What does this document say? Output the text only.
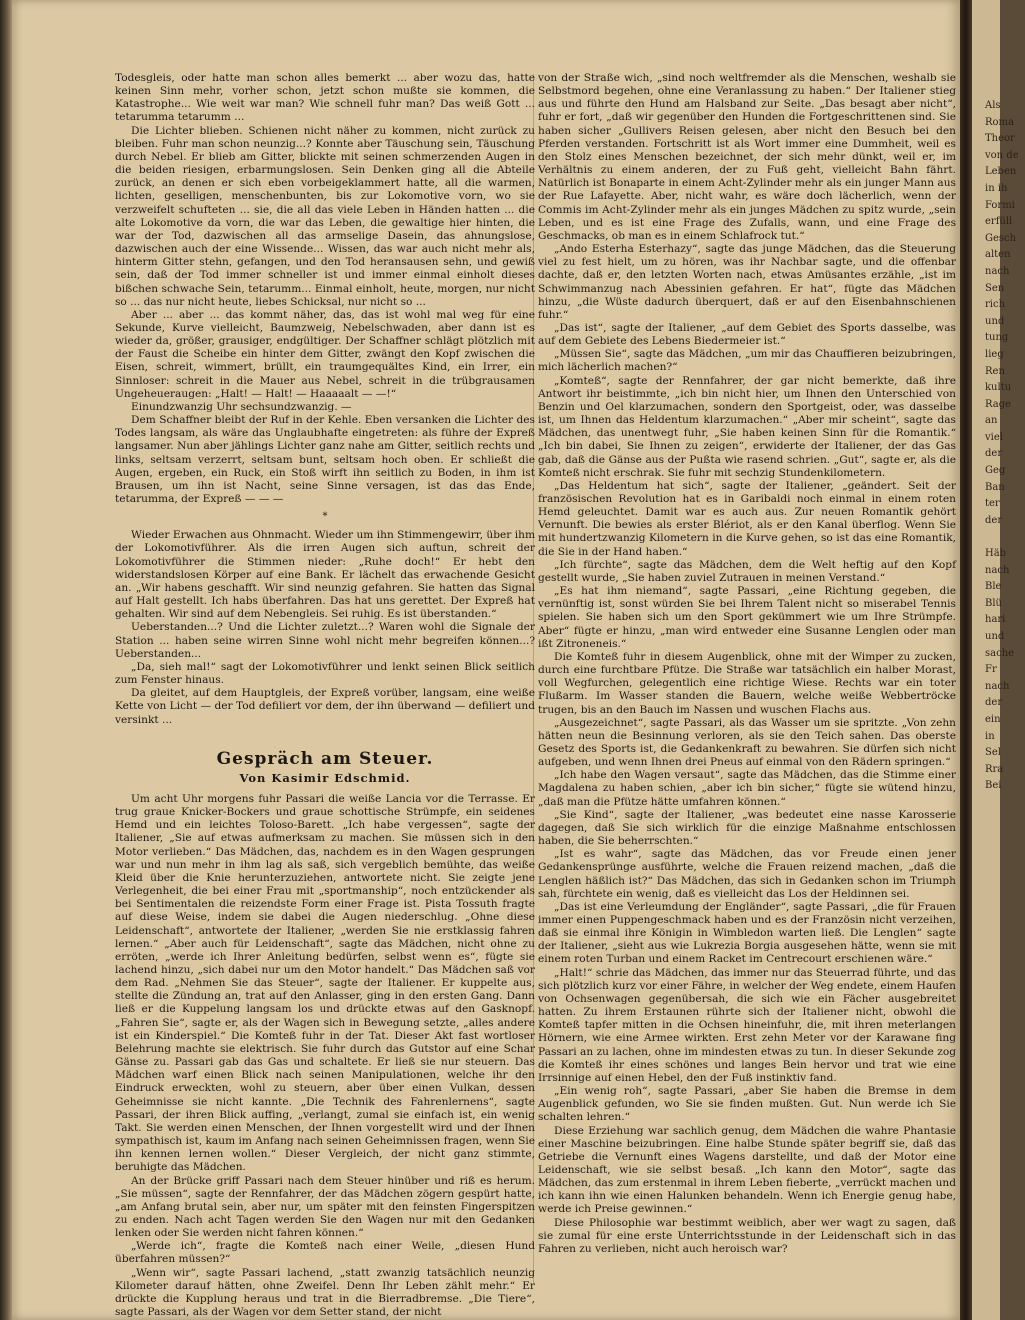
Todesgleis, oder hatte man schon alles bemerkt ... aber wozu das, hatte keinen Sinn mehr, vorher schon, jetzt schon mußte sie kommen, die Katastrophe... Wie weit war man? Wie schnell fuhr man? Das weiß Gott ... tetarumma tetarumm ...

Die Lichter blieben. Schienen nicht näher zu kommen, nicht zurück zu bleiben. Fuhr man schon neunzig...? Konnte aber Täuschung sein, Täuschung durch Nebel. Er blieb am Gitter, blickte mit seinen schmerzenden Augen in die beiden riesigen, erbarmungslosen. Sein Denken ging all die Abteile zurück, an denen er sich eben vorbeigeklammert hatte, all die warmen, lichten, geselligen, menschenbunten, bis zur Lokomotive vorn, wo sie verzweifelt schufteten ... sie, die all das viele Leben in Händen hatten ... die alte Lokomotive da vorn, die war das Leben, die gewaltige hier hinten, die war der Tod, dazwischen all das armselige Dasein, das ahnungslose, dazwischen auch der eine Wissende... Wissen, das war auch nicht mehr als, hinterm Gitter stehn, gefangen, und den Tod heransausen sehn, und gewiß sein, daß der Tod immer schneller ist und immer einmal einholt dieses bißchen schwache Sein, tetarumm... Einmal einholt, heute, morgen, nur nicht so ... das nur nicht heute, liebes Schicksal, nur nicht so ...

Aber ... aber ... das kommt näher, das, das ist wohl mal weg für eine Sekunde, Kurve vielleicht, Baumzweig, Nebelschwaden, aber dann ist es wieder da, größer, grausiger, endgültiger. Der Schaffner schlägt plötzlich mit der Faust die Scheibe ein hinter dem Gitter, zwängt den Kopf zwischen die Eisen, schreit, wimmert, brüllt, ein traumgequältes Kind, ein Irrer, ein Sinnloser: schreit in die Mauer aus Nebel, schreit in die trübgrausamen Ungeheueraugen: „Halt! — Halt! — Haaaaalt — —!“

Einundzwanzig Uhr sechsundzwanzig. —

Dem Schaffner bleibt der Ruf in der Kehle. Eben versanken die Lichter des Todes langsam, als wäre das Unglaubhafte eingetreten: als führe der Expreß langsamer. Nun aber jählings Lichter ganz nahe am Gitter, seitlich rechts und links, seltsam verzerrt, seltsam bunt, seltsam hoch oben. Er schließt die Augen, ergeben, ein Ruck, ein Stoß wirft ihn seitlich zu Boden, in ihm ist Brausen, um ihn ist Nacht, seine Sinne versagen, ist das das Ende, tetarumma, der Expreß — — —

*

Wieder Erwachen aus Ohnmacht. Wieder um ihn Stimmengewirr, über ihm der Lokomotivführer. Als die irren Augen sich auftun, schreit der Lokomotivführer die Stimmen nieder: „Ruhe doch!“ Er hebt den widerstandslosen Körper auf eine Bank. Er lächelt das erwachende Gesicht an. „Wir habens geschafft. Wir sind neunzig gefahren. Sie hatten das Signal auf Halt gestellt. Ich habs überfahren. Das hat uns gerettet. Der Expreß hat gehalten. Wir sind auf dem Nebengleis. Sei ruhig. Es ist überstanden.“

Ueberstanden...? Und die Lichter zuletzt...? Waren wohl die Signale der Station ... haben seine wirren Sinne wohl nicht mehr begreifen können...? Ueberstanden...

„Da, sieh mal!“ sagt der Lokomotivführer und lenkt seinen Blick seitlich zum Fenster hinaus.

Da gleitet, auf dem Hauptgleis, der Expreß vorüber, langsam, eine weiße Kette von Licht — der Tod defiliert vor dem, der ihn überwand — defiliert und versinkt ...

Gespräch am Steuer.
Von Kasimir Edschmid.

Um acht Uhr morgens fuhr Passari die weiße Lancia vor die Terrasse. Er trug graue Knicker-Bockers und graue schottische Strümpfe, ein seidenes Hemd und ein leichtes Toloso-Barett. „Ich habe vergessen“, sagte der Italiener, „Sie auf etwas aufmerksam zu machen. Sie müssen sich in den Motor verlieben.“ Das Mädchen, das, nachdem es in den Wagen gesprungen war und nun mehr in ihm lag als saß, sich vergeblich bemühte, das weiße Kleid über die Knie herunterzuziehen, antwortete nicht. Sie zeigte jene Verlegenheit, die bei einer Frau mit „sportmanship“, noch entzückender als bei Sentimentalen die reizendste Form einer Frage ist. Pista Tossuth fragte auf diese Weise, indem sie dabei die Augen niederschlug. „Ohne diese Leidenschaft“, antwortete der Italiener, „werden Sie nie erstklassig fahren lernen.“ „Aber auch für Leidenschaft“, sagte das Mädchen, nicht ohne zu erröten, „werde ich Ihrer Anleitung bedürfen, selbst wenn es“, fügte sie lachend hinzu, „sich dabei nur um den Motor handelt.“ Das Mädchen saß vor dem Rad. „Nehmen Sie das Steuer“, sagte der Italiener. Er kuppelte aus, stellte die Zündung an, trat auf den Anlasser, ging in den ersten Gang. Dann ließ er die Kuppelung langsam los und drückte etwas auf den Gasknopf. „Fahren Sie“, sagte er, als der Wagen sich in Bewegung setzte, „alles andere ist ein Kinderspiel.“ Die Komteß fuhr in der Tat. Dieser Akt fast wortloser Belehrung machte sie elektrisch. Sie fuhr durch das Gutstor auf eine Schar Gänse zu. Passari gab das Gas und schaltete. Er ließ sie nur steuern. Das Mädchen warf einen Blick nach seinen Manipulationen, welche ihr den Eindruck erweckten, wohl zu steuern, aber über einen Vulkan, dessen Geheimnisse sie nicht kannte. „Die Technik des Fahrenlernens“, sagte Passari, der ihren Blick auffing, „verlangt, zumal sie einfach ist, ein wenig Takt. Sie werden einen Menschen, der Ihnen vorgestellt wird und der Ihnen sympathisch ist, kaum im Anfang nach seinen Geheimnissen fragen, wenn Sie ihn kennen lernen wollen.“ Dieser Vergleich, der nicht ganz stimmte, beruhigte das Mädchen.

An der Brücke griff Passari nach dem Steuer hinüber und riß es herum. „Sie müssen“, sagte der Rennfahrer, der das Mädchen zögern gespürt hatte, „am Anfang brutal sein, aber nur, um später mit den feinsten Fingerspitzen zu enden. Nach acht Tagen werden Sie den Wagen nur mit den Gedanken lenken oder Sie werden nicht fahren können.“

„Werde ich“, fragte die Komteß nach einer Weile, „diesen Hund überfahren müssen?“

„Wenn wir“, sagte Passari lachend, „statt zwanzig tatsächlich neunzig Kilometer darauf hätten, ohne Zweifel. Denn Ihr Leben zählt mehr.“ Er drückte die Kupplung heraus und trat in die Bierradbremse. „Die Tiere“, sagte Passari, als der Wagen vor dem Setter stand, der nicht

von der Straße wich, „sind noch weltfremder als die Menschen, weshalb sie Selbstmord begehen, ohne eine Veranlassung zu haben.“ Der Italiener stieg aus und führte den Hund am Halsband zur Seite. „Das besagt aber nicht“, fuhr er fort, „daß wir gegenüber den Hunden die Fortgeschrittenen sind. Sie haben sicher „Gullivers Reisen gelesen, aber nicht den Besuch bei den Pferden verstanden. Fortschritt ist als Wort immer eine Dummheit, weil es den Stolz eines Menschen bezeichnet, der sich mehr dünkt, weil er, im Verhältnis zu einem anderen, der zu Fuß geht, vielleicht Bahn fährt. Natürlich ist Bonaparte in einem Acht-Zylinder mehr als ein junger Mann aus der Rue Lafayette. Aber, nicht wahr, es wäre doch lächerlich, wenn der Commis im Acht-Zylinder mehr als ein junges Mädchen zu spitz wurde, „sein Leben, und es ist eine Frage des Zufalls, wann, und eine Frage des Geschmacks, ob man es in einem Schlafrock tut.“

„Ando Esterha Esterhazy“, sagte das junge Mädchen, das die Steuerung viel zu fest hielt, um zu hören, was ihr Nachbar sagte, und die offenbar dachte, daß er, den letzten Worten nach, etwas Amüsantes erzähle, „ist im Schwimmanzug nach Abessinien gefahren. Er hat“, fügte das Mädchen hinzu, „die Wüste dadurch überquert, daß er auf den Eisenbahnschienen fuhr.“

„Das ist“, sagte der Italiener, „auf dem Gebiet des Sports dasselbe, was auf dem Gebiete des Lebens Biedermeier ist.“

„Müssen Sie“, sagte das Mädchen, „um mir das Chauffieren beizubringen, mich lächerlich machen?“

„Komteß“, sagte der Rennfahrer, der gar nicht bemerkte, daß ihre Antwort ihr beistimmte, „ich bin nicht hier, um Ihnen den Unterschied von Benzin und Oel klarzumachen, sondern den Sportgeist, oder, was dasselbe ist, um Ihnen das Heldentum klarzumachen.“ „Aber mir scheint“, sagte das Mädchen, das unentwegt fuhr, „Sie haben keinen Sinn für die Romantik.“ „Ich bin dabei, Sie Ihnen zu zeigen“, erwiderte der Italiener, der das Gas gab, daß die Gänse aus der Pußta wie rasend schrien. „Gut“, sagte er, als die Komteß nicht erschrak. Sie fuhr mit sechzig Stundenkilometern.

„Das Heldentum hat sich“, sagte der Italiener, „geändert. Seit der französischen Revolution hat es in Garibaldi noch einmal in einem roten Hemd geleuchtet. Damit war es auch aus. Zur neuen Romantik gehört Vernunft. Die bewies als erster Blériot, als er den Kanal überflog. Wenn Sie mit hundertzwanzig Kilometern in die Kurve gehen, so ist das eine Romantik, die Sie in der Hand haben.“

„Ich fürchte“, sagte das Mädchen, dem die Welt heftig auf den Kopf gestellt wurde, „Sie haben zuviel Zutrauen in meinen Verstand.“

„Es hat ihm niemand“, sagte Passari, „eine Richtung gegeben, die vernünftig ist, sonst würden Sie bei Ihrem Talent nicht so miserabel Tennis spielen. Sie haben sich um den Sport gekümmert wie um Ihre Strümpfe. Aber“ fügte er hinzu, „man wird entweder eine Susanne Lenglen oder man ißt Zitroneneis.“

Die Komteß fuhr in diesem Augenblick, ohne mit der Wimper zu zucken, durch eine furchtbare Pfütze. Die Straße war tatsächlich ein halber Morast, voll Wegfurchen, gelegentlich eine richtige Wiese. Rechts war ein toter Flußarm. Im Wasser standen die Bauern, welche weiße Webbertröcke trugen, bis an den Bauch im Nassen und wuschen Flachs aus.

„Ausgezeichnet“, sagte Passari, als das Wasser um sie spritzte. „Von zehn hätten neun die Besinnung verloren, als sie den Teich sahen. Das oberste Gesetz des Sports ist, die Gedankenkraft zu bewahren. Sie dürfen sich nicht aufgeben, und wenn Ihnen drei Pneus auf einmal von den Rädern springen.“

„Ich habe den Wagen versaut“, sagte das Mädchen, das die Stimme einer Magdalena zu haben schien, „aber ich bin sicher,“ fügte sie wütend hinzu, „daß man die Pfütze hätte umfahren können.“

„Sie Kind“, sagte der Italiener, „was bedeutet eine nasse Karosserie dagegen, daß Sie sich wirklich für die einzige Maßnahme entschlossen haben, die Sie beherrschten.“

„Ist es wahr“, sagte das Mädchen, das vor Freude einen jener Gedankensprünge ausführte, welche die Frauen reizend machen, „daß die Lenglen häßlich ist?“ Das Mädchen, das sich in Gedanken schon im Triumph sah, fürchtete ein wenig, daß es vielleicht das Los der Heldinnen sei.

„Das ist eine Verleumdung der Engländer“, sagte Passari, „die für Frauen immer einen Puppengeschmack haben und es der Französin nicht verzeihen, daß sie einmal ihre Königin in Wimbledon warten ließ. Die Lenglen“ sagte der Italiener, „sieht aus wie Lukrezia Borgia ausgesehen hätte, wenn sie mit einem roten Turban und einem Racket im Centrecourt erschienen wäre.“

„Halt!“ schrie das Mädchen, das immer nur das Steuerrad führte, und das sich plötzlich kurz vor einer Fähre, in welcher der Weg endete, einem Haufen von Ochsenwagen gegenübersah, die sich wie ein Fächer ausgebreitet hatten. Zu ihrem Erstaunen rührte sich der Italiener nicht, obwohl die Komteß tapfer mitten in die Ochsen hineinfuhr, die, mit ihren meterlangen Hörnern, wie eine Armee wirkten. Erst zehn Meter vor der Karawane fing Passari an zu lachen, ohne im mindesten etwas zu tun. In dieser Sekunde zog die Komteß ihr eines schönes und langes Bein hervor und trat wie eine Irrsinnige auf einen Hebel, den der Fuß instinktiv fand.

„Ein wenig roh“, sagte Passari, „aber Sie haben die Bremse in dem Augenblick gefunden, wo Sie sie finden mußten. Gut. Nun werde ich Sie schalten lehren.“

Diese Erziehung war sachlich genug, dem Mädchen die wahre Phantasie einer Maschine beizubringen. Eine halbe Stunde später begriff sie, daß das Getriebe die Vernunft eines Wagens darstellte, und daß der Motor eine Leidenschaft, wie sie selbst besaß. „Ich kann den Motor“, sagte das Mädchen, das zum erstenmal in ihrem Leben fieberte, „verrückt machen und ich kann ihn wie einen Halunken behandeln. Wenn ich Energie genug habe, werde ich Preise gewinnen.“

Diese Philosophie war bestimmt weiblich, aber wer wagt zu sagen, daß sie zumal für eine erste Unterrichtsstunde in der Leidenschaft sich in das Fahren zu verlieben, nicht auch heroisch war?

Als
Roma
Theor
von de
Leben
in ih
Formi
erfüll
Gesch
alten
nach
Sen
rich
und
tung
lieg
Ren
kultu
Rage
an
viel
der
Geg
Ban
ter
der

Häb
nach
Ble
Blü
hari
und
sache
Fr
nach
der
ein
in
Sel
Rra
Bei
